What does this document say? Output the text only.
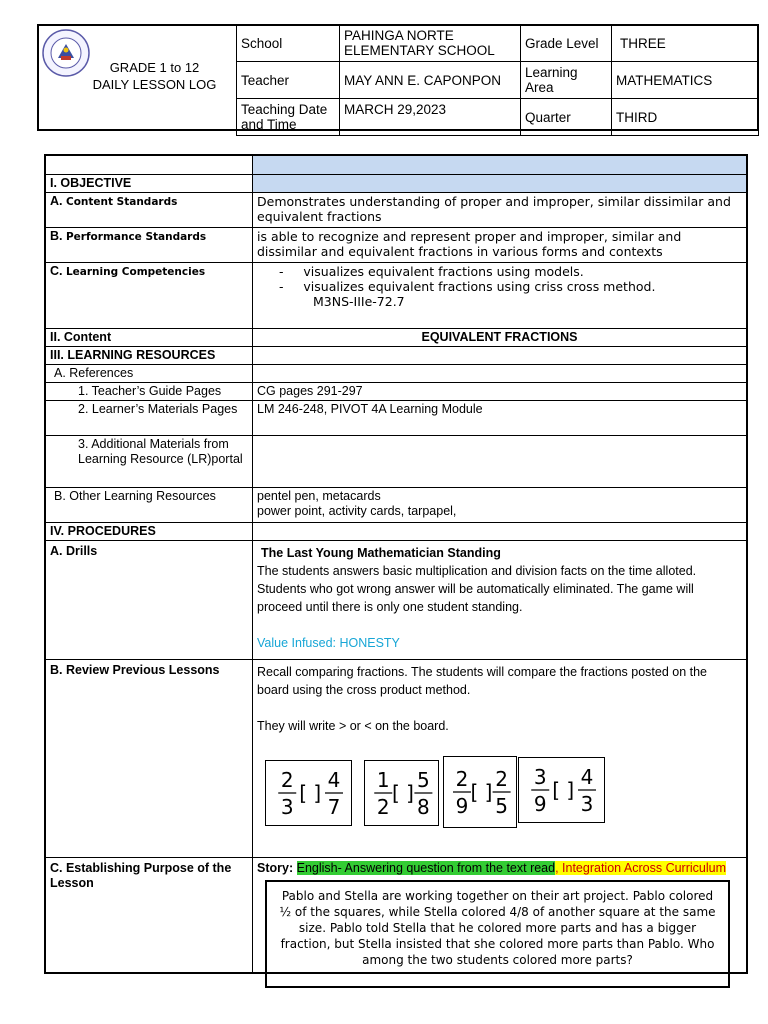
GRADE 1 to 12
DAILY LESSON LOG
School	PAHINGA NORTE ELEMENTARY SCHOOL	Grade Level	THREE
Teacher	MAY ANN E. CAPONPON	Learning Area	MATHEMATICS
Teaching Date and Time	MARCH 29,2023	Quarter	THIRD

I. OBJECTIVE	
A. Content Standards	Demonstrates understanding of proper and improper, similar dissimilar and equivalent fractions
B. Performance Standards	is able to recognize and represent proper and improper, similar and dissimilar and equivalent fractions in various forms and contexts
C. Learning Competencies	-     visualizes equivalent fractions using models.
-     visualizes equivalent fractions using criss cross method.
M3NS-IIIe-72.7

II. Content	EQUIVALENT FRACTIONS
III. LEARNING RESOURCES	
A. References	
1. Teacher’s Guide Pages	CG pages 291-297
2. Learner’s Materials Pages	LM 246-248, PIVOT 4A Learning Module
3. Additional Materials from Learning Resource (LR)portal	
B. Other Learning Resources	pentel pen, metacards
power point, activity cards, tarpapel,

IV. PROCEDURES	
A. Drills	The Last Young Mathematician Standing
The students answers basic multiplication and division facts on the time alloted. Students who got wrong answer will be automatically eliminated. The game will proceed until there is only one student standing.
Value Infused: HONESTY

B. Review Previous Lessons	Recall comparing fractions. The students will compare the fractions posted on the board using the cross product method.
They will write > or < on the board.

C. Establishing Purpose of the Lesson	Story: English- Answering question from the text read, Integration Across Curriculum
2
3
[ ]
4
7
1
2
[ ]
5
8
2
9
[ ]
2
5
3
9
[ ]
4
3
Pablo and Stella are working together on their art project. Pablo colored ½ of the squares, while Stella colored 4/8 of another square at the same size. Pablo told Stella that he colored more parts and has a bigger fraction, but Stella insisted that she colored more parts than Pablo. Who among the two students colored more parts?
